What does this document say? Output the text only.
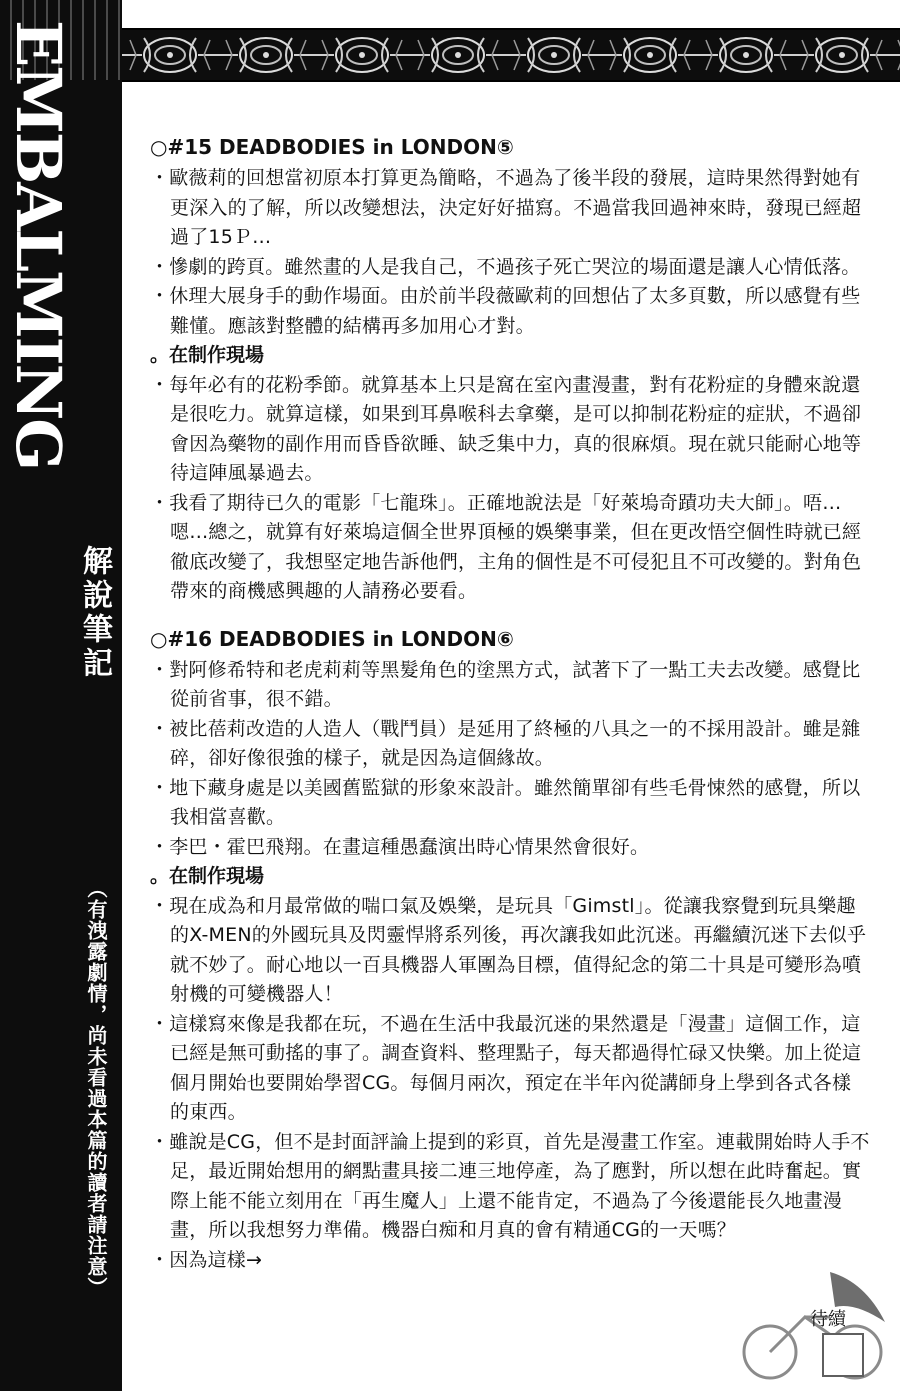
EMBALMING
解說筆記
（有洩露劇情，尚未看過本篇的讀者請注意）
○#15 DEADBODIES in LONDON⑤
・歐薇莉的回想當初原本打算更為簡略，不過為了後半段的發展，這時果然得對她有更深入的了解，所以改變想法，決定好好描寫。不過當我回過神來時，發現已經超過了15Ｐ…
・慘劇的跨頁。雖然畫的人是我自己，不過孩子死亡哭泣的場面還是讓人心情低落。
・休理大展身手的動作場面。由於前半段薇歐莉的回想佔了太多頁數，所以感覺有些難懂。應該對整體的結構再多加用心才對。
。在制作現場
・每年必有的花粉季節。就算基本上只是窩在室內畫漫畫，對有花粉症的身體來說還是很吃力。就算這樣，如果到耳鼻喉科去拿藥，是可以抑制花粉症的症狀，不過卻會因為藥物的副作用而昏昏欲睡、缺乏集中力，真的很麻煩。現在就只能耐心地等待這陣風暴過去。
・我看了期待已久的電影「七龍珠」。正確地說法是「好萊塢奇蹟功夫大師」。唔…嗯…總之，就算有好萊塢這個全世界頂極的娛樂事業，但在更改悟空個性時就已經徹底改變了，我想堅定地告訴他們，主角的個性是不可侵犯且不可改變的。對角色帶來的商機感興趣的人請務必要看。
○#16 DEADBODIES in LONDON⑥
・對阿修希特和老虎莉莉等黑髮角色的塗黑方式，試著下了一點工夫去改變。感覺比從前省事，很不錯。
・被比蓓莉改造的人造人（戰鬥員）是延用了終極的八具之一的不採用設計。雖是雜碎，卻好像很強的樣子，就是因為這個緣故。
・地下藏身處是以美國舊監獄的形象來設計。雖然簡單卻有些毛骨悚然的感覺，所以我相當喜歡。
・李巴・霍巴飛翔。在畫這種愚蠢演出時心情果然會很好。
。在制作現場
・現在成為和月最常做的喘口氣及娛樂，是玩具「Gimstl」。從讓我察覺到玩具樂趣的X-MEN的外國玩具及閃靈悍將系列後，再次讓我如此沉迷。再繼續沉迷下去似乎就不妙了。耐心地以一百具機器人軍團為目標，值得紀念的第二十具是可變形為噴射機的可變機器人！
・這樣寫來像是我都在玩，不過在生活中我最沉迷的果然還是「漫畫」這個工作，這已經是無可動搖的事了。調查資料、整理點子，每天都過得忙碌又快樂。加上從這個月開始也要開始學習CG。每個月兩次，預定在半年內從講師身上學到各式各樣的東西。
・雖說是CG，但不是封面評論上提到的彩頁，首先是漫畫工作室。連載開始時人手不足，最近開始想用的網點畫具接二連三地停產，為了應對，所以想在此時奮起。實際上能不能立刻用在「再生魔人」上還不能肯定，不過為了今後還能長久地畫漫畫，所以我想努力準備。機器白痴和月真的會有精通CG的一天嗎？
・因為這樣→
待續
